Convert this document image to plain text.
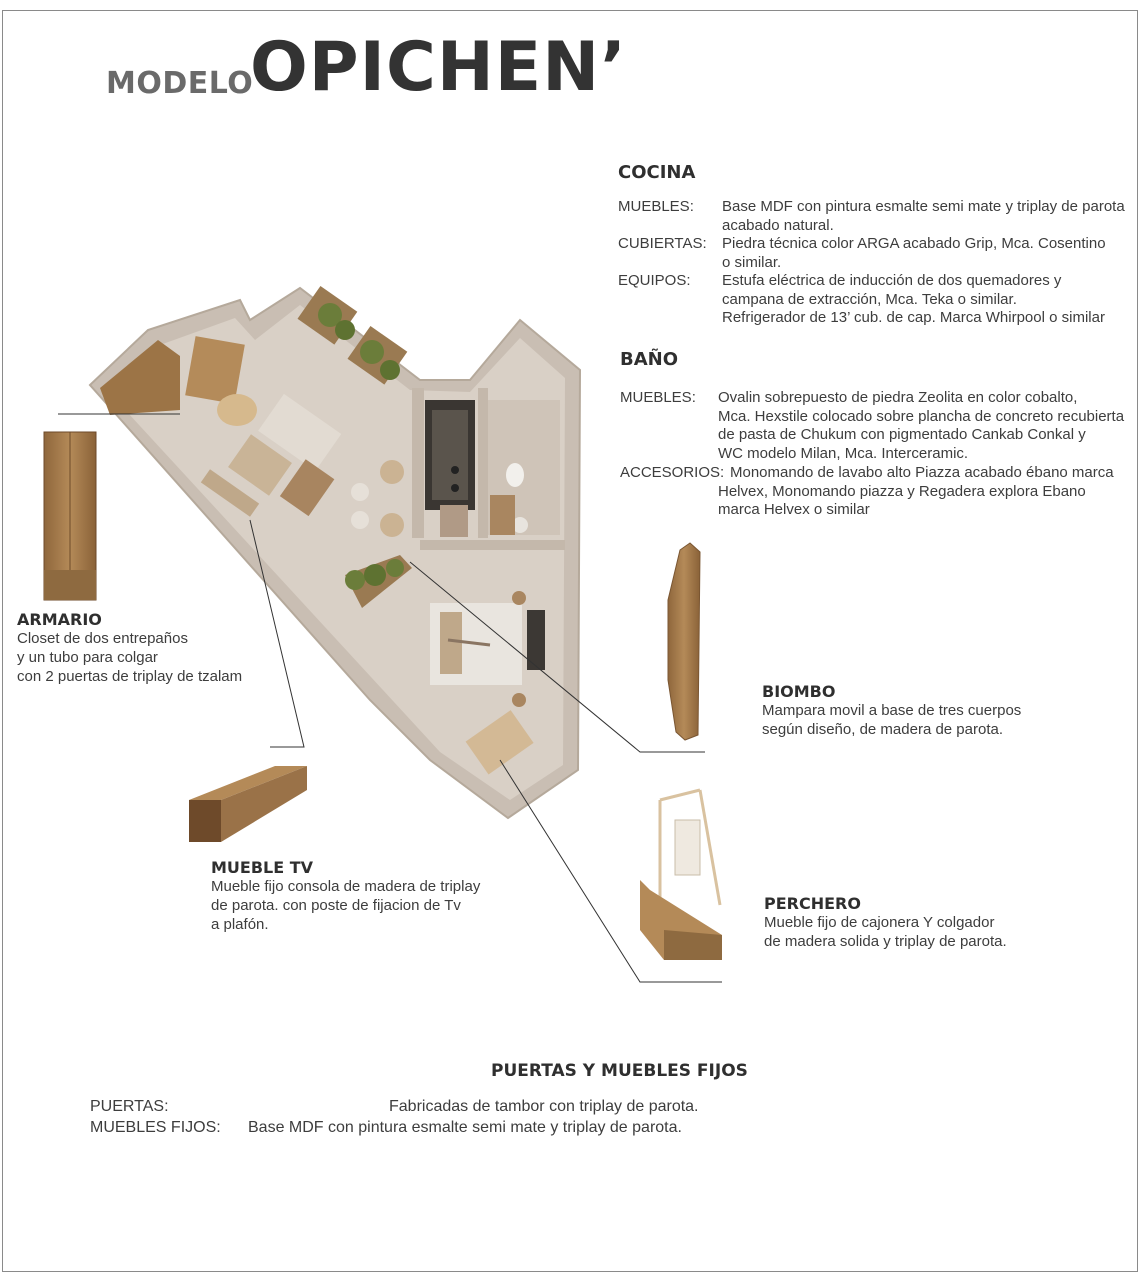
MODELO
OPICHEN’
COCINA
MUEBLES: Base MDF con pintura esmalte semi mate y triplay de parota
acabado natural.
CUBIERTAS: Piedra técnica color ARGA acabado Grip, Mca. Cosentino
o similar.
EQUIPOS: Estufa eléctrica de inducción de dos quemadores y
campana de extracción, Mca. Teka o similar.
Refrigerador de 13’ cub. de cap. Marca Whirpool o similar
BAÑO
MUEBLES: Ovalin sobrepuesto de piedra Zeolita en color cobalto,
Mca. Hexstile colocado sobre plancha de concreto recubierta
de pasta de Chukum con pigmentado Cankab Conkal y
WC modelo Milan, Mca. Interceramic.
ACCESORIOS: Monomando de lavabo alto Piazza acabado ébano marca
Helvex, Monomando piazza y Regadera explora Ebano
marca Helvex o similar
ARMARIO
Closet de dos entrepaños
y un tubo para colgar
con 2 puertas de triplay de tzalam
MUEBLE TV
Mueble fijo consola de madera de triplay
de parota. con poste de fijacion de Tv
a plafón.
BIOMBO
Mampara movil a base de tres cuerpos
según diseño, de madera de parota.
PERCHERO
Mueble fijo de cajonera Y colgador
de madera solida y triplay de parota.
PUERTAS Y MUEBLES FIJOS
PUERTAS:	Fabricadas de tambor con triplay de parota.
MUEBLES FIJOS: Base MDF con pintura esmalte semi mate y triplay de parota.
